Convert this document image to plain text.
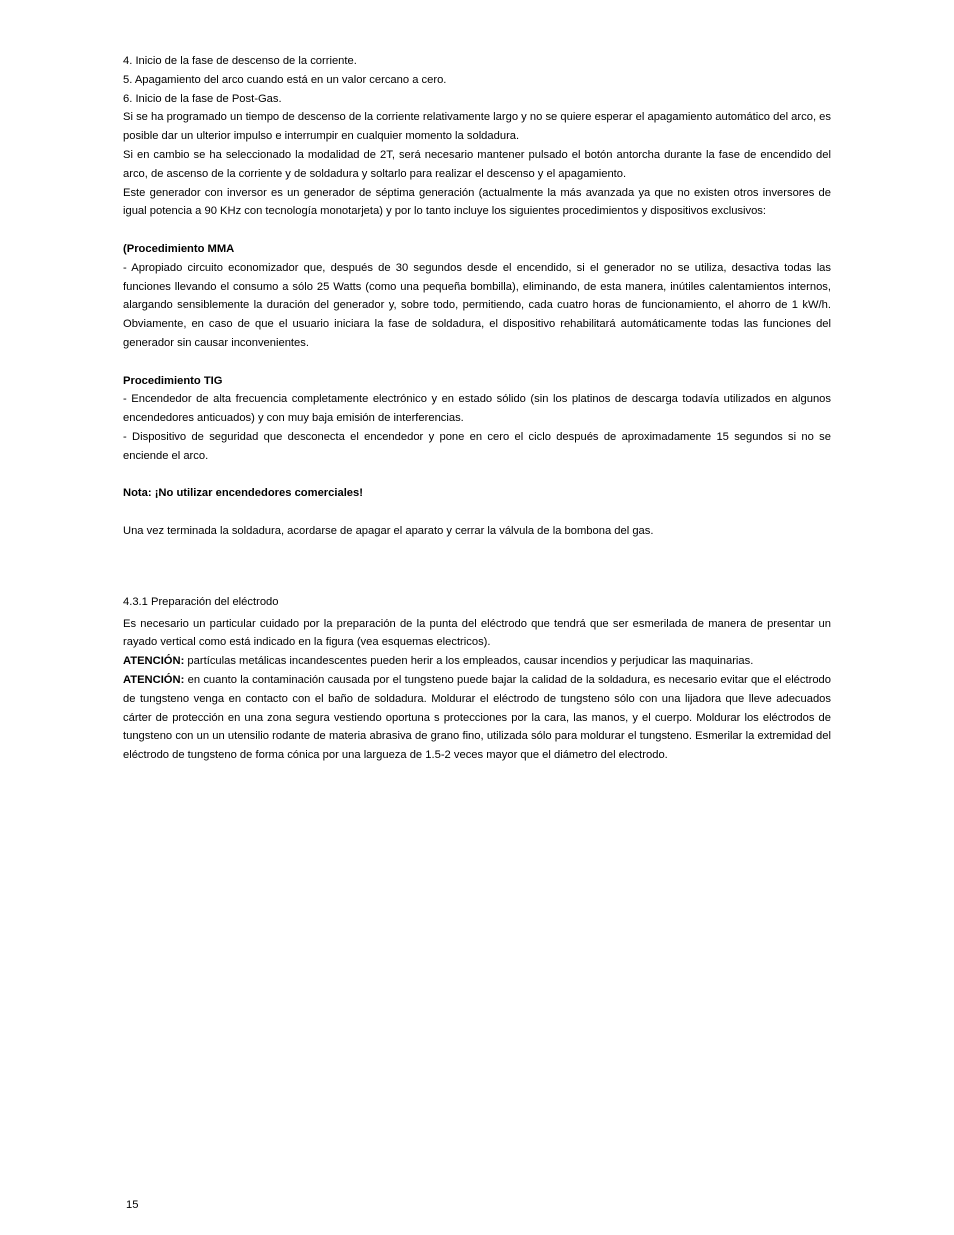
4. Inicio de la fase de descenso de la corriente.

5. Apagamiento del arco cuando está en un valor cercano a cero.

6. Inicio de la fase de Post-Gas.

Si se ha programado un tiempo de descenso de la corriente relativamente largo y no se quiere esperar el apagamiento automático del arco, es posible dar un ulterior impulso e interrumpir en cualquier momento la soldadura.

Si en cambio se ha seleccionado la modalidad de 2T, será necesario mantener pulsado el botón antorcha durante la fase de encendido del arco, de ascenso de la corriente y de soldadura y soltarlo para realizar el descenso y el apagamiento.

Este generador con inversor es un generador de séptima generación (actualmente la más avanzada ya que no existen otros inversores de igual potencia a 90 KHz con tecnología monotarjeta) y por lo tanto incluye los siguientes procedimientos y dispositivos exclusivos:

(Procedimiento MMA

- Apropiado circuito economizador que, después de 30 segundos desde el encendido, si el generador no se utiliza, desactiva todas las funciones llevando el consumo a sólo 25 Watts (como una pequeña bombilla), eliminando, de esta manera, inútiles calentamientos internos, alargando sensiblemente la duración del generador y, sobre todo, permitiendo, cada cuatro horas de funcionamiento, el ahorro de 1 kW/h. Obviamente, en caso de que el usuario iniciara la fase de soldadura, el dispositivo rehabilitará automáticamente todas las funciones del generador sin causar inconvenientes.

Procedimiento TIG

- Encendedor de alta frecuencia completamente electrónico y en estado sólido (sin los platinos de descarga todavía utilizados en algunos encendedores anticuados) y con muy baja emisión de interferencias.

- Dispositivo de seguridad que desconecta el encendedor y pone en cero el ciclo después de aproximadamente 15 segundos si no se enciende el arco.

Nota: ¡No utilizar encendedores comerciales!

Una vez terminada la soldadura, acordarse de apagar el aparato y cerrar la válvula de la bombona del gas.

4.3.1 Preparación del eléctrodo

Es necesario un particular cuidado por la preparación de la punta del eléctrodo que tendrá que ser esmerilada de manera de presentar un rayado vertical como está indicado en la figura (vea esquemas electricos).

ATENCIÓN: partículas metálicas incandescentes pueden herir a los empleados, causar incendios y perjudicar las maquinarias.

ATENCIÓN: en cuanto la contaminación causada por el tungsteno puede bajar la calidad de la soldadura, es necesario evitar que el eléctrodo de tungsteno venga en contacto con el baño de soldadura. Moldurar el eléctrodo de tungsteno sólo con una lijadora que lleve adecuados cárter de protección en una zona segura vestiendo oportuna s protecciones por la cara, las manos, y el cuerpo. Moldurar los eléctrodos de tungsteno con un un utensilio rodante de materia abrasiva de grano fino, utilizada sólo para moldurar el tungsteno. Esmerilar la extremidad del eléctrodo de tungsteno de forma cónica por una largueza de 1.5-2 veces mayor que el diámetro del electrodo.

15
